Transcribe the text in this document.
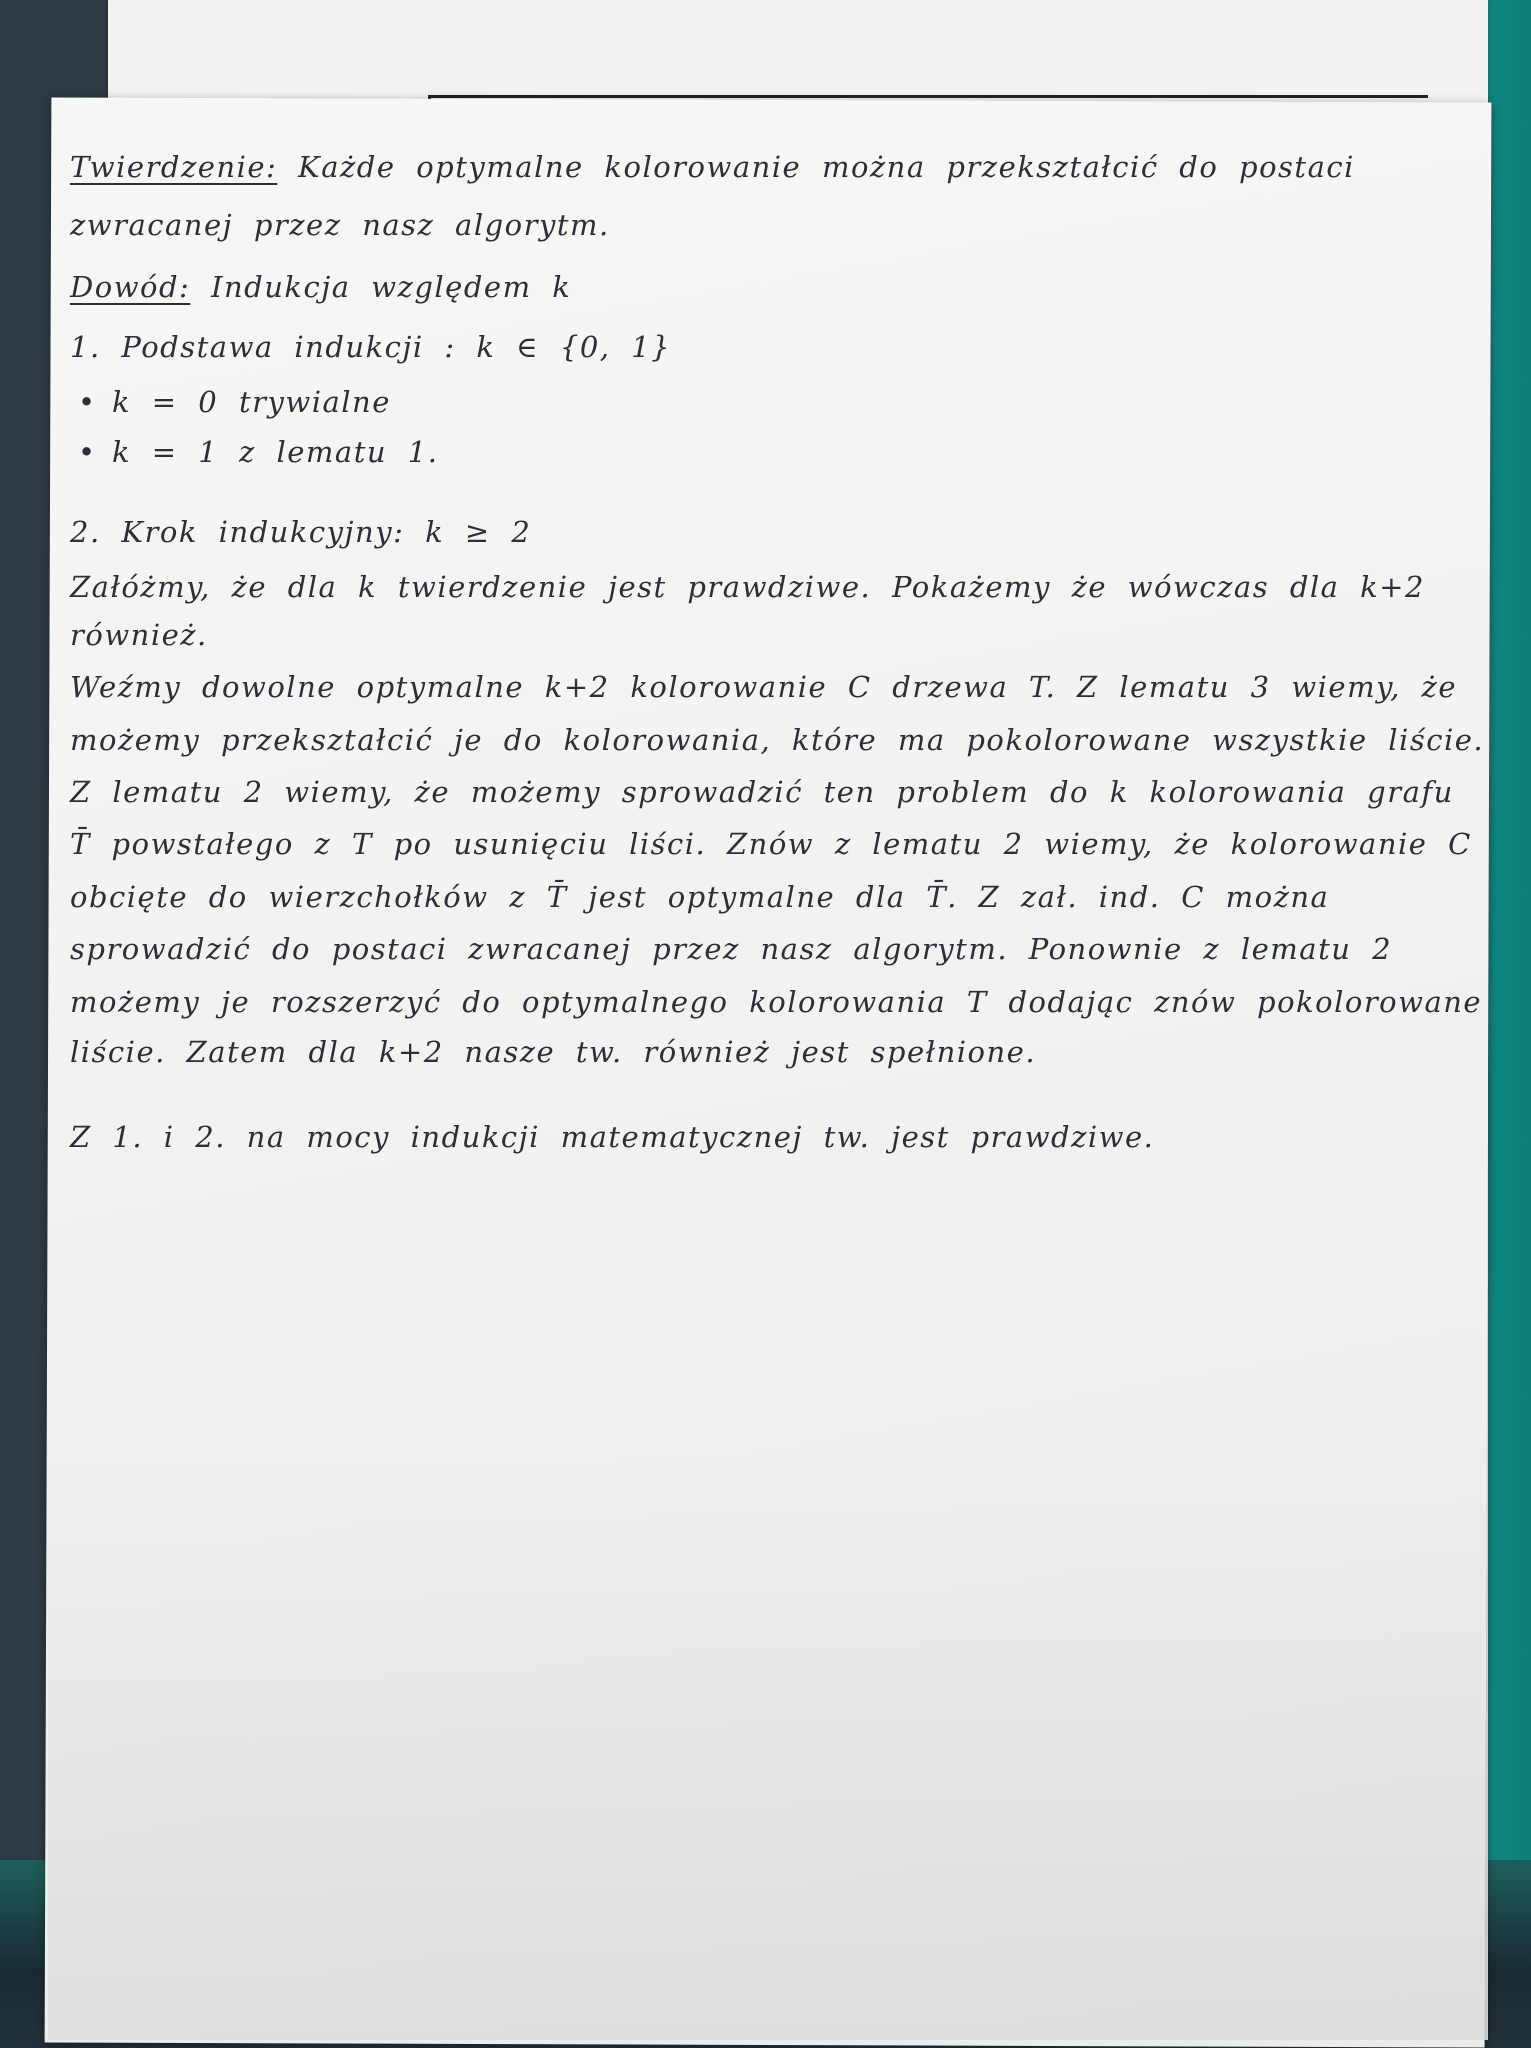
Twierdzenie: Każde optymalne kolorowanie można przekształcić do postaci
zwracanej przez nasz algorytm.
Dowód: Indukcja względem k
1. Podstawa indukcji : k ∈ {0, 1}
• k = 0 trywialne
• k = 1 z lematu 1.
2. Krok indukcyjny: k ≥ 2
Załóżmy, że dla k twierdzenie jest prawdziwe. Pokażemy że wówczas dla k+2
również.
Weźmy dowolne optymalne k+2 kolorowanie C drzewa T. Z lematu 3 wiemy, że
możemy przekształcić je do kolorowania, które ma pokolorowane wszystkie liście.
Z lematu 2 wiemy, że możemy sprowadzić ten problem do k kolorowania grafu
T̄ powstałego z T po usunięciu liści. Znów z lematu 2 wiemy, że kolorowanie C
obcięte do wierzchołków z T̄ jest optymalne dla T̄. Z zał. ind. C można
sprowadzić do postaci zwracanej przez nasz algorytm. Ponownie z lematu 2
możemy je rozszerzyć do optymalnego kolorowania T dodając znów pokolorowane
liście. Zatem dla k+2 nasze tw. również jest spełnione.
Z 1. i 2. na mocy indukcji matematycznej tw. jest prawdziwe.
